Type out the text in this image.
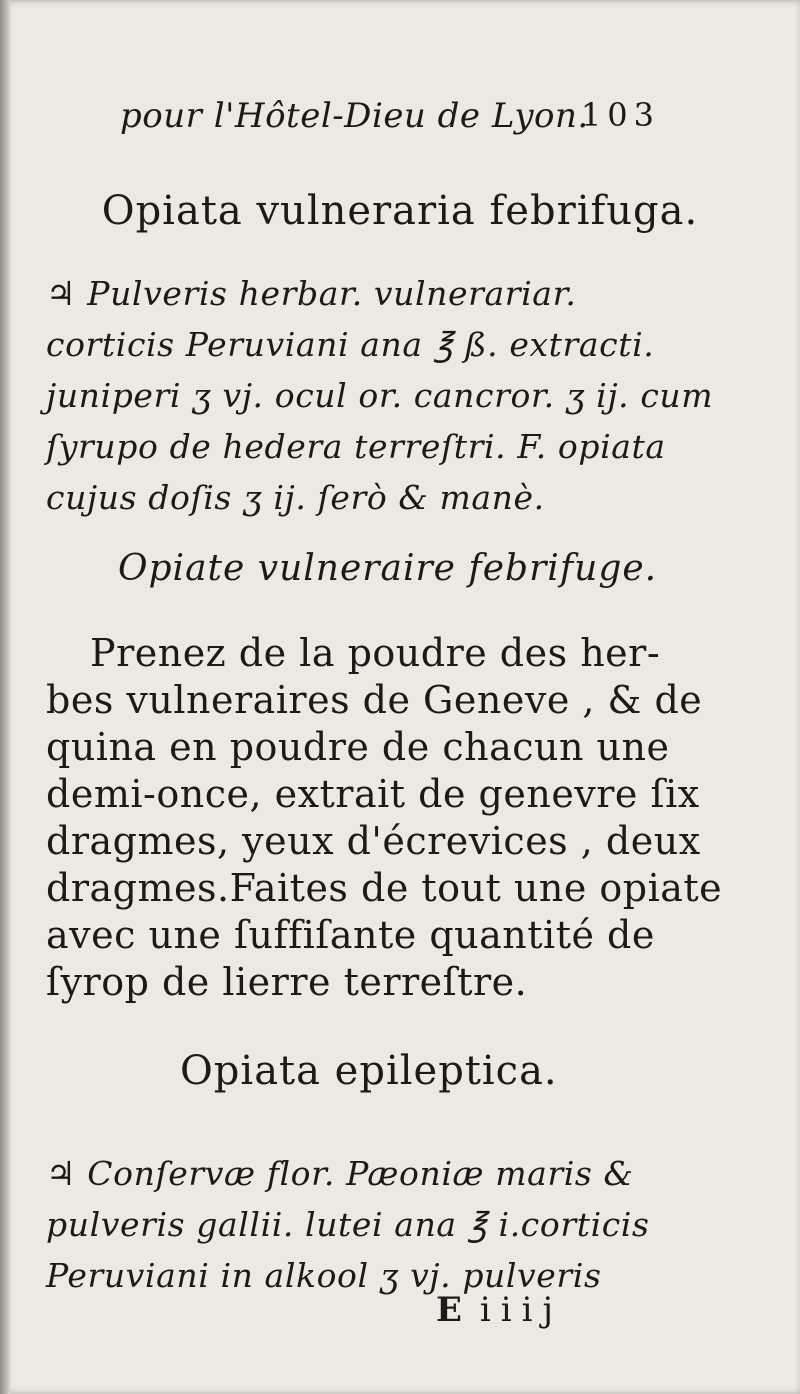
pour l'Hôtel-Dieu de Lyon.
103
Opiata vulneraria febrifuga.
♃ Pulveris herbar. vulnerariar.
corticis Peruviani ana ℥ ß. extracti.
juniperi ʒ vj. ocul or. cancror. ʒ ij. cum
ſyrupo de hedera terreſtri. F. opiata
cujus doſis ʒ ij. ſerò & manè.
Opiate vulneraire febrifuge.
Prenez de la poudre des her-
bes vulneraires de Geneve , & de
quina en poudre de chacun une
demi-once, extrait de genevre ſix
dragmes, yeux d'écrevices , deux
dragmes.Faites de tout une opiate
avec une ſuffiſante quantité de
ſyrop de lierre terreſtre.
Opiata epileptica.
♃ Conſervæ flor. Pæoniæ maris &
pulveris gallii. lutei ana ℥ i.corticis
Peruviani in alkool ʒ vj. pulveris
E iiij
